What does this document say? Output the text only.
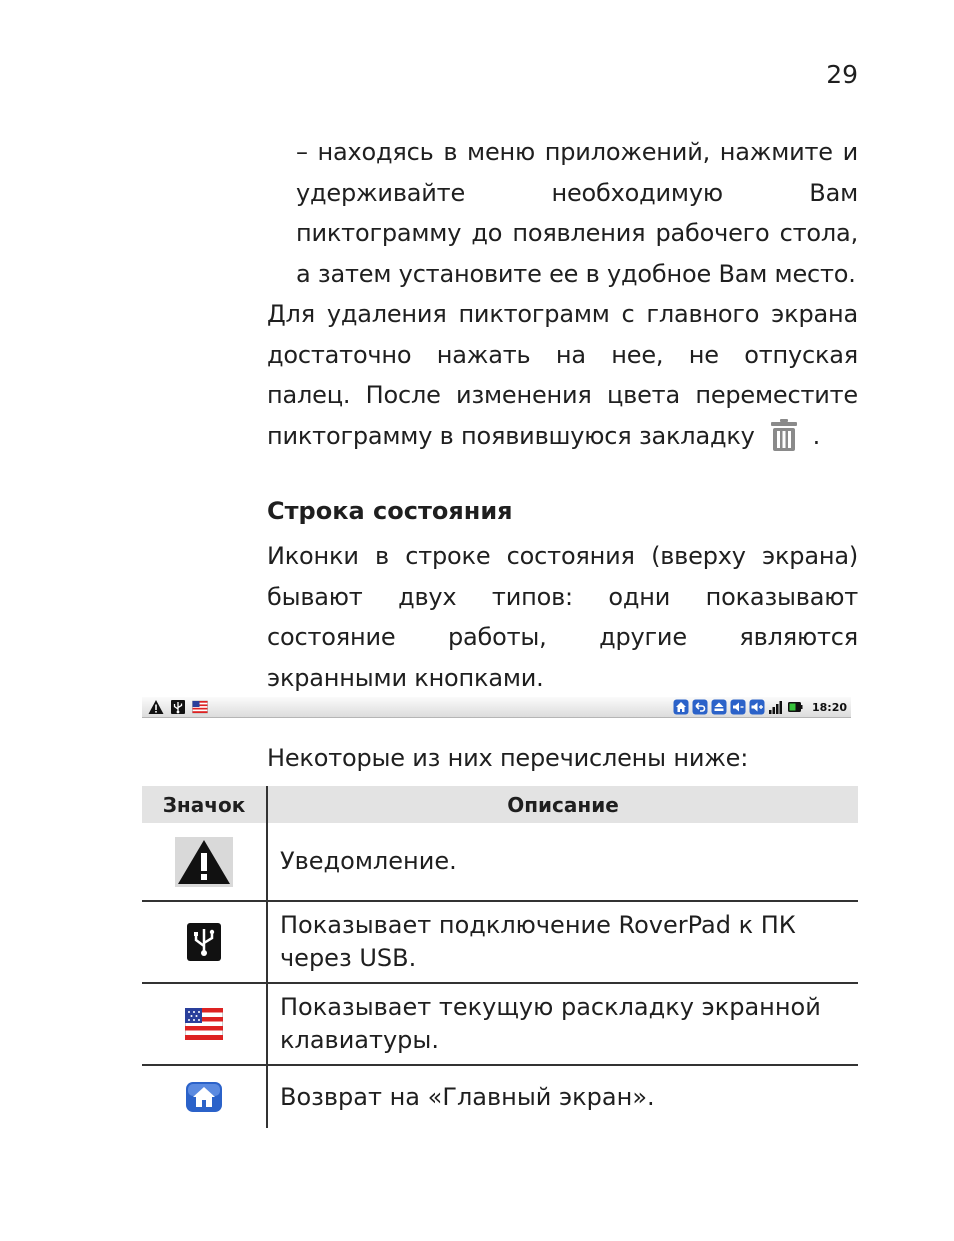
29
– находясь в меню приложений, нажмите и удерживайте необходимую Вам пиктограмму до появления рабочего стола, а затем установите ее в удобное Вам место.
Для удаления пиктограмм с главного экрана достаточно нажать на нее, не отпуская палец. После изменения цвета переместите пиктограмму в появившуюся закладку .
Строка состояния
Иконки в строке состояния (вверху экрана) бывают двух типов: одни показывают состояние работы, другие являются экранными кнопками.
18:20
Некоторые из них перечислены ниже:
Значок	Описание
Уведомление.
Показывает подключение RoverPad к ПК через USB.
Показывает текущую раскладку экранной клавиатуры.
Возврат на «Главный экран».
